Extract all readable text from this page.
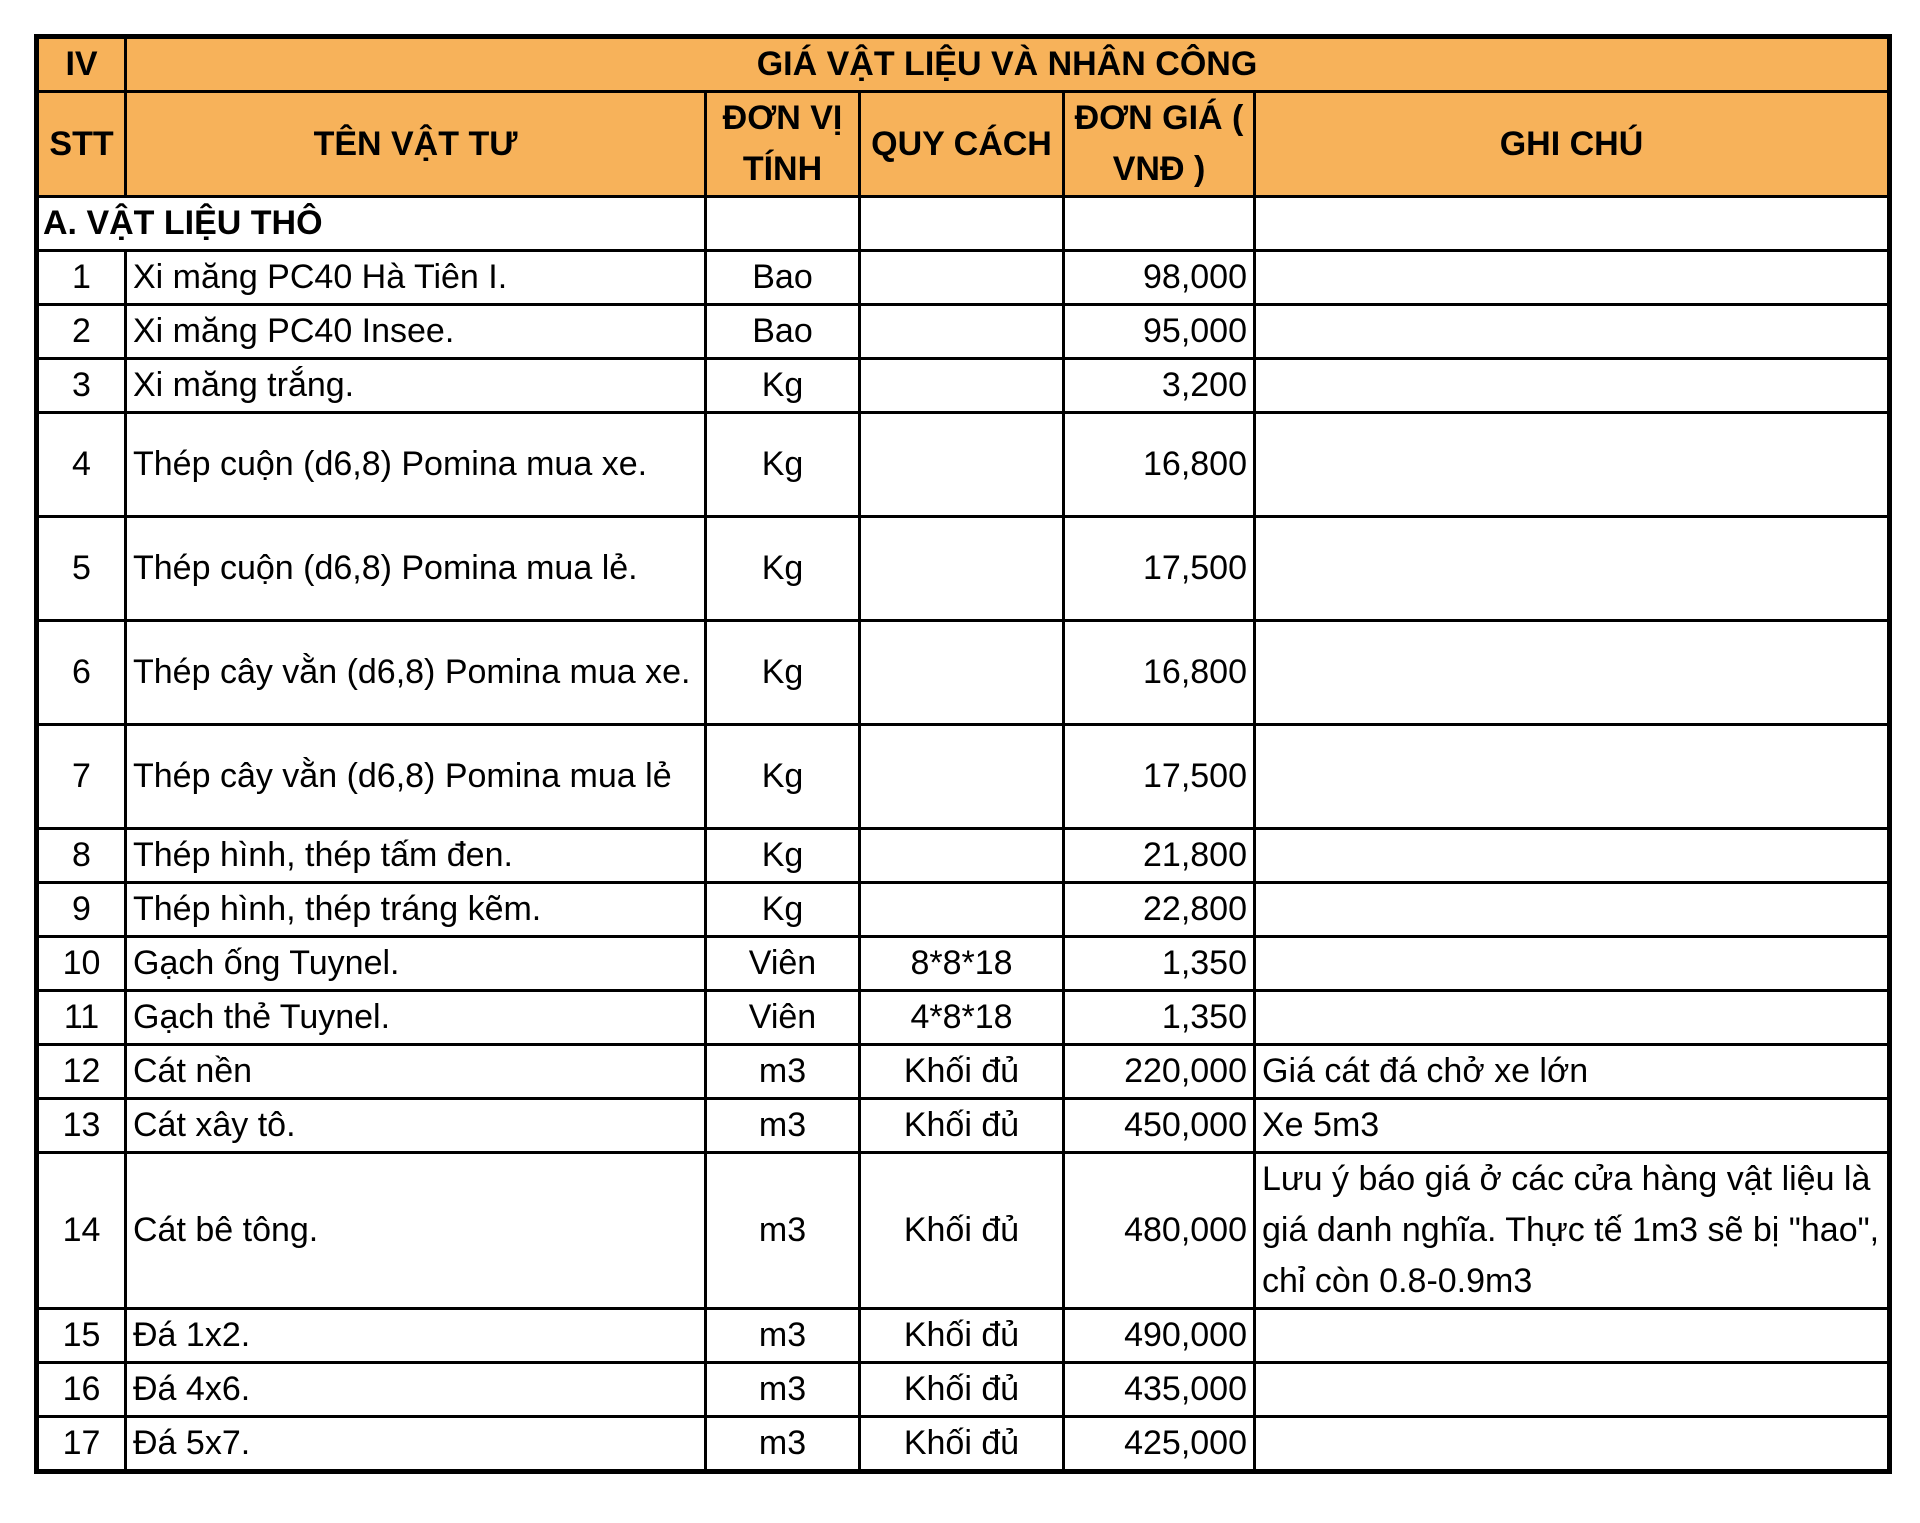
IV	GIÁ VẬT LIỆU VÀ NHÂN CÔNG				
STT	TÊN VẬT TƯ	ĐƠN VỊ TÍNH	QUY CÁCH	ĐƠN GIÁ ( VNĐ )	GHI CHÚ
A. VẬT LIỆU THÔ					
1	Xi măng PC40 Hà Tiên I.	Bao		98,000	
2	Xi măng PC40 Insee.	Bao		95,000	
3	Xi măng trắng.	Kg		3,200	
4	Thép cuộn (d6,8) Pomina mua xe.	Kg		16,800	
5	Thép cuộn (d6,8) Pomina mua lẻ.	Kg		17,500	
6	Thép cây vằn (d6,8) Pomina mua xe.	Kg		16,800	
7	Thép cây vằn (d6,8) Pomina mua lẻ	Kg		17,500	
8	Thép hình, thép tấm đen.	Kg		21,800	
9	Thép hình, thép tráng kẽm.	Kg		22,800	
10	Gạch ống Tuynel.	Viên	8*8*18	1,350	
11	Gạch thẻ Tuynel.	Viên	4*8*18	1,350	
12	Cát nền	m3	Khối đủ	220,000	Giá cát đá chở xe lớn
13	Cát xây tô.	m3	Khối đủ	450,000	Xe 5m3
14	Cát bê tông.	m3	Khối đủ	480,000	Lưu ý báo giá ở các cửa hàng vật liệu là giá danh nghĩa. Thực tế 1m3 sẽ bị "hao", chỉ còn 0.8-0.9m3
15	Đá 1x2.	m3	Khối đủ	490,000	
16	Đá 4x6.	m3	Khối đủ	435,000	
17	Đá 5x7.	m3	Khối đủ	425,000	
